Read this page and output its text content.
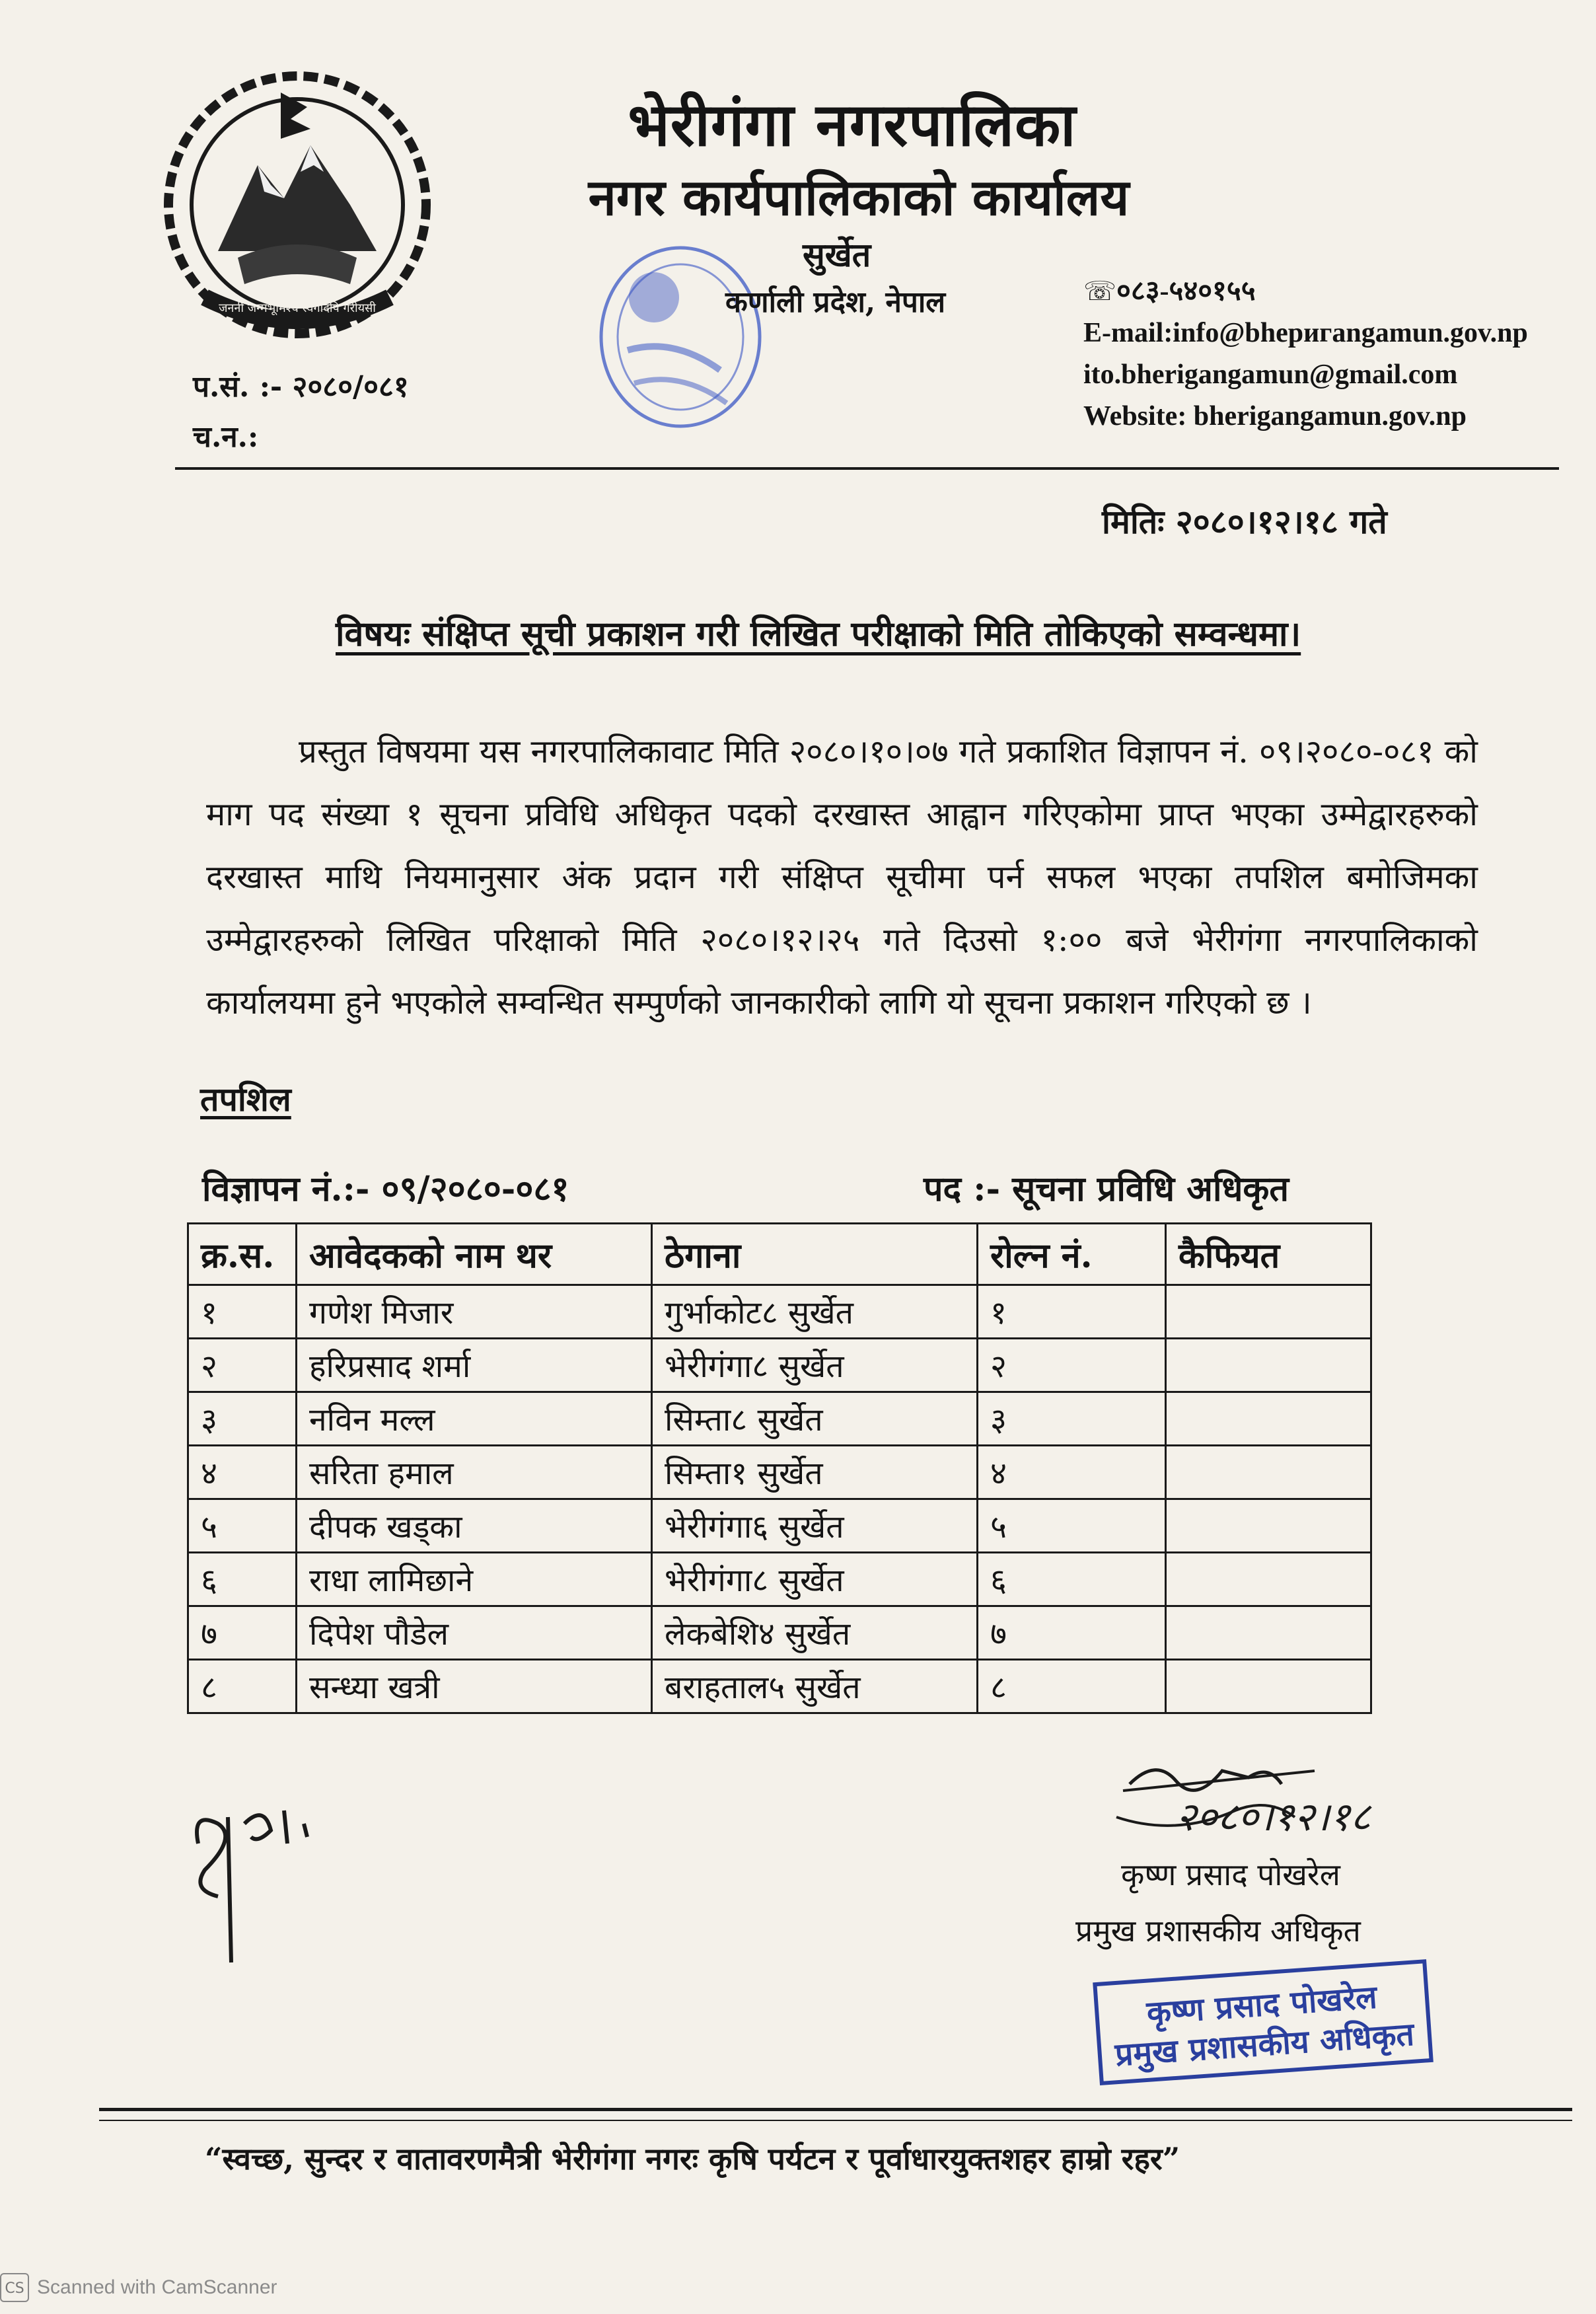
जननी जन्मभूमिश्च स्वर्गादपि गरीयसी
भेरीगंगा नगरपालिका
नगर कार्यपालिकाको कार्यालय
सुर्खेत
कर्णाली प्रदेश, नेपाल	☏०८३-५४०१५५
E-mail:info@bheригangamun.gov.np
ito.bherigangamun@gmail.com
Website: bherigangamun.gov.np
प.सं. :- २०८०/०८१
च.न.:
मितिः २०८०।१२।१८ गते
विषयः संक्षिप्त सूची प्रकाशन गरी लिखित परीक्षाको मिति तोकिएको सम्वन्धमा।
प्रस्तुत विषयमा यस नगरपालिकावाट मिति २०८०।१०।०७ गते प्रकाशित विज्ञापन नं. ०९।२०८०-०८१ को माग पद संख्या १ सूचना प्रविधि अधिकृत पदको दरखास्त आह्वान गरिएकोमा प्राप्त भएका उम्मेद्वारहरुको दरखास्त माथि नियमानुसार अंक प्रदान गरी संक्षिप्त सूचीमा पर्न सफल भएका तपशिल बमोजिमका उम्मेद्वारहरुको लिखित परिक्षाको मिति २०८०।१२।२५ गते दिउसो १:०० बजे भेरीगंगा नगरपालिकाको कार्यालयमा हुने भएकोले सम्वन्धित सम्पुर्णको जानकारीको लागि यो सूचना प्रकाशन गरिएको छ ।
तपशिल
विज्ञापन नं.:- ०९/२०८०-०८१	पद :- सूचना प्रविधि अधिकृत
क्र.स.	आवेदकको नाम थर	ठेगाना	रोल्न नं.	कैफियत
१	गणेश मिजार	गुर्भाकोट८ सुर्खेत	१	
२	हरिप्रसाद शर्मा	भेरीगंगा८ सुर्खेत	२	
३	नविन मल्ल	सिम्ता८ सुर्खेत	३	
४	सरिता हमाल	सिम्ता१ सुर्खेत	४	
५	दीपक खड्का	भेरीगंगा६ सुर्खेत	५	
६	राधा लामिछाने	भेरीगंगा८ सुर्खेत	६	
७	दिपेश पौडेल	लेकबेशि४ सुर्खेत	७	
८	सन्ध्या खत्री	बराहताल५ सुर्खेत	८	
२०८०।१२।१८
कृष्ण प्रसाद पोखरेल
प्रमुख प्रशासकीय अधिकृत
कृष्ण प्रसाद पोखरेल
प्रमुख प्रशासकीय अधिकृत
“स्वच्छ, सुन्दर र वातावरणमैत्री भेरीगंगा नगरः कृषि पर्यटन र पूर्वाधारयुक्तशहर हाम्रो रहर”
CS Scanned with CamScanner
